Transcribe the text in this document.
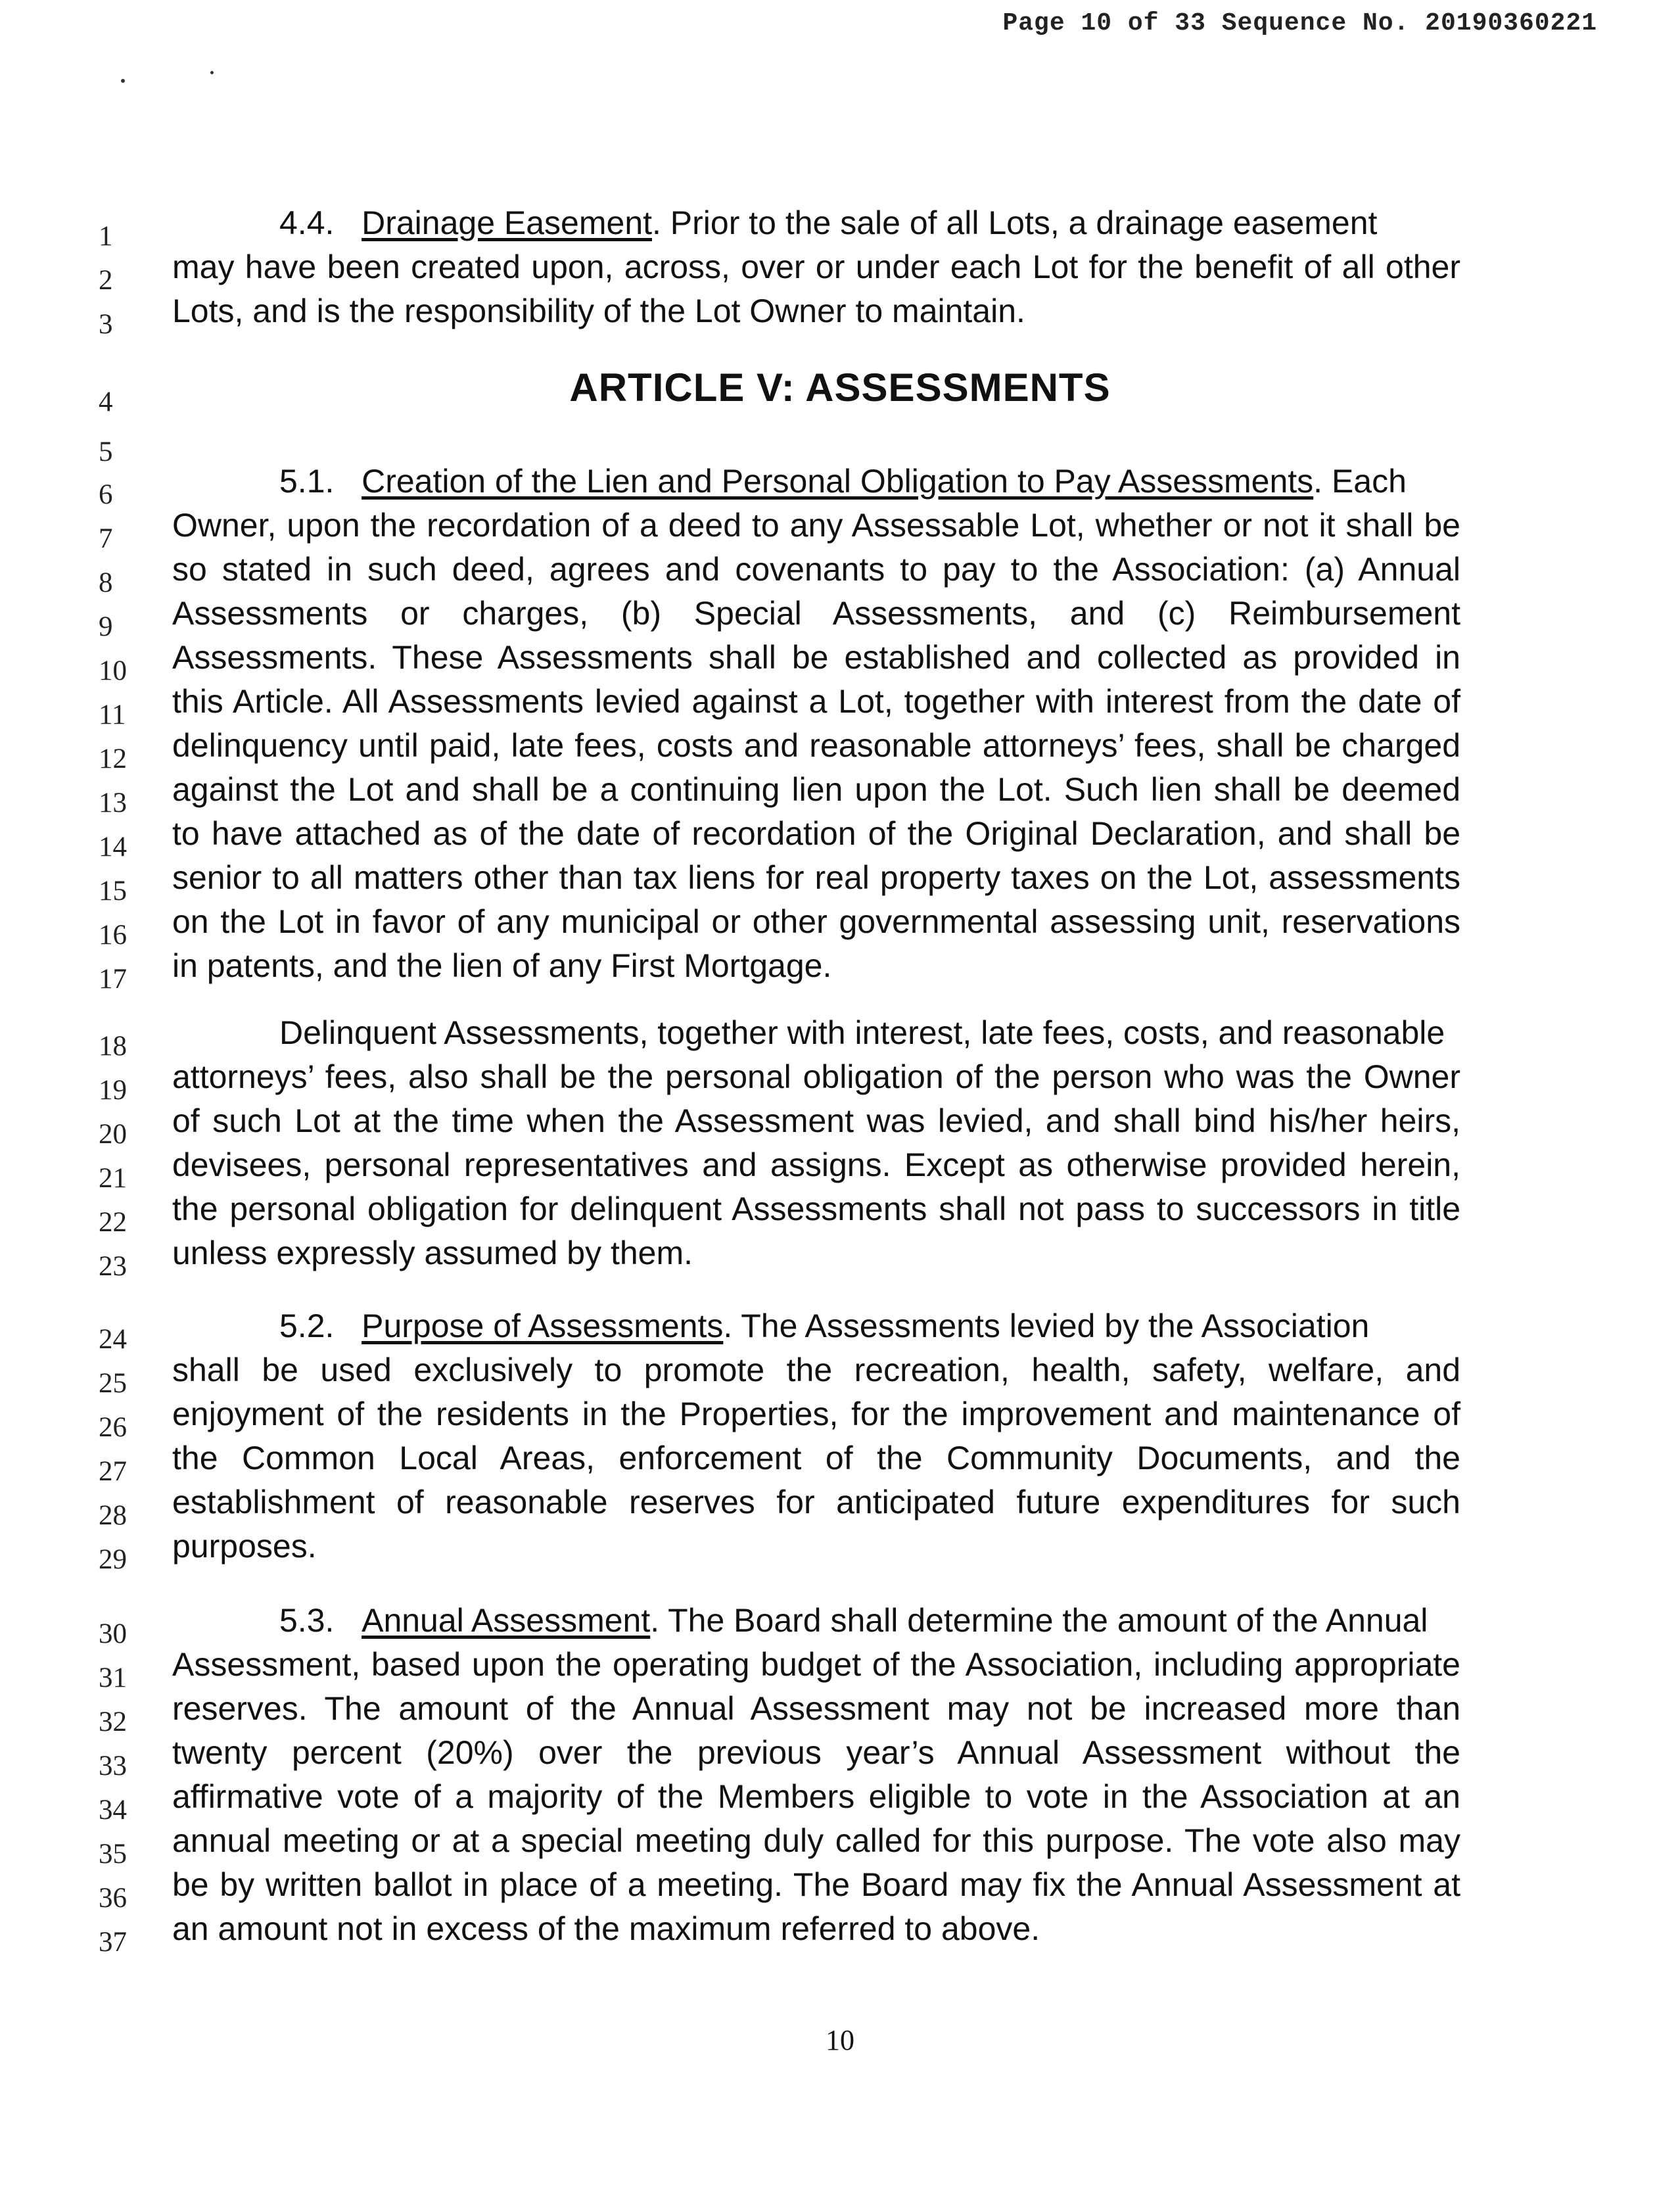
Page 10 of 33 Sequence No. 20190360221
1
2
3
4
5
6
7
8
9
10
11
12
13
14
15
16
17
18
19
20
21
22
23
24
25
26
27
28
29
30
31
32
33
34
35
36
37
4.4. Drainage Easement. Prior to the sale of all Lots, a drainage easement
may have been created upon, across, over or under each Lot for the benefit of all other
Lots, and is the responsibility of the Lot Owner to maintain.
ARTICLE V: ASSESSMENTS
5.1. Creation of the Lien and Personal Obligation to Pay Assessments. Each
Owner, upon the recordation of a deed to any Assessable Lot, whether or not it shall be
so stated in such deed, agrees and covenants to pay to the Association: (a) Annual
Assessments or charges, (b) Special Assessments, and (c) Reimbursement
Assessments. These Assessments shall be established and collected as provided in
this Article. All Assessments levied against a Lot, together with interest from the date of
delinquency until paid, late fees, costs and reasonable attorneys’ fees, shall be charged
against the Lot and shall be a continuing lien upon the Lot. Such lien shall be deemed
to have attached as of the date of recordation of the Original Declaration, and shall be
senior to all matters other than tax liens for real property taxes on the Lot, assessments
on the Lot in favor of any municipal or other governmental assessing unit, reservations
in patents, and the lien of any First Mortgage.
Delinquent Assessments, together with interest, late fees, costs, and reasonable
attorneys’ fees, also shall be the personal obligation of the person who was the Owner
of such Lot at the time when the Assessment was levied, and shall bind his/her heirs,
devisees, personal representatives and assigns. Except as otherwise provided herein,
the personal obligation for delinquent Assessments shall not pass to successors in title
unless expressly assumed by them.
5.2. Purpose of Assessments. The Assessments levied by the Association
shall be used exclusively to promote the recreation, health, safety, welfare, and
enjoyment of the residents in the Properties, for the improvement and maintenance of
the Common Local Areas, enforcement of the Community Documents, and the
establishment of reasonable reserves for anticipated future expenditures for such
purposes.
5.3. Annual Assessment. The Board shall determine the amount of the Annual
Assessment, based upon the operating budget of the Association, including appropriate
reserves. The amount of the Annual Assessment may not be increased more than
twenty percent (20%) over the previous year’s Annual Assessment without the
affirmative vote of a majority of the Members eligible to vote in the Association at an
annual meeting or at a special meeting duly called for this purpose. The vote also may
be by written ballot in place of a meeting. The Board may fix the Annual Assessment at
an amount not in excess of the maximum referred to above.
10
